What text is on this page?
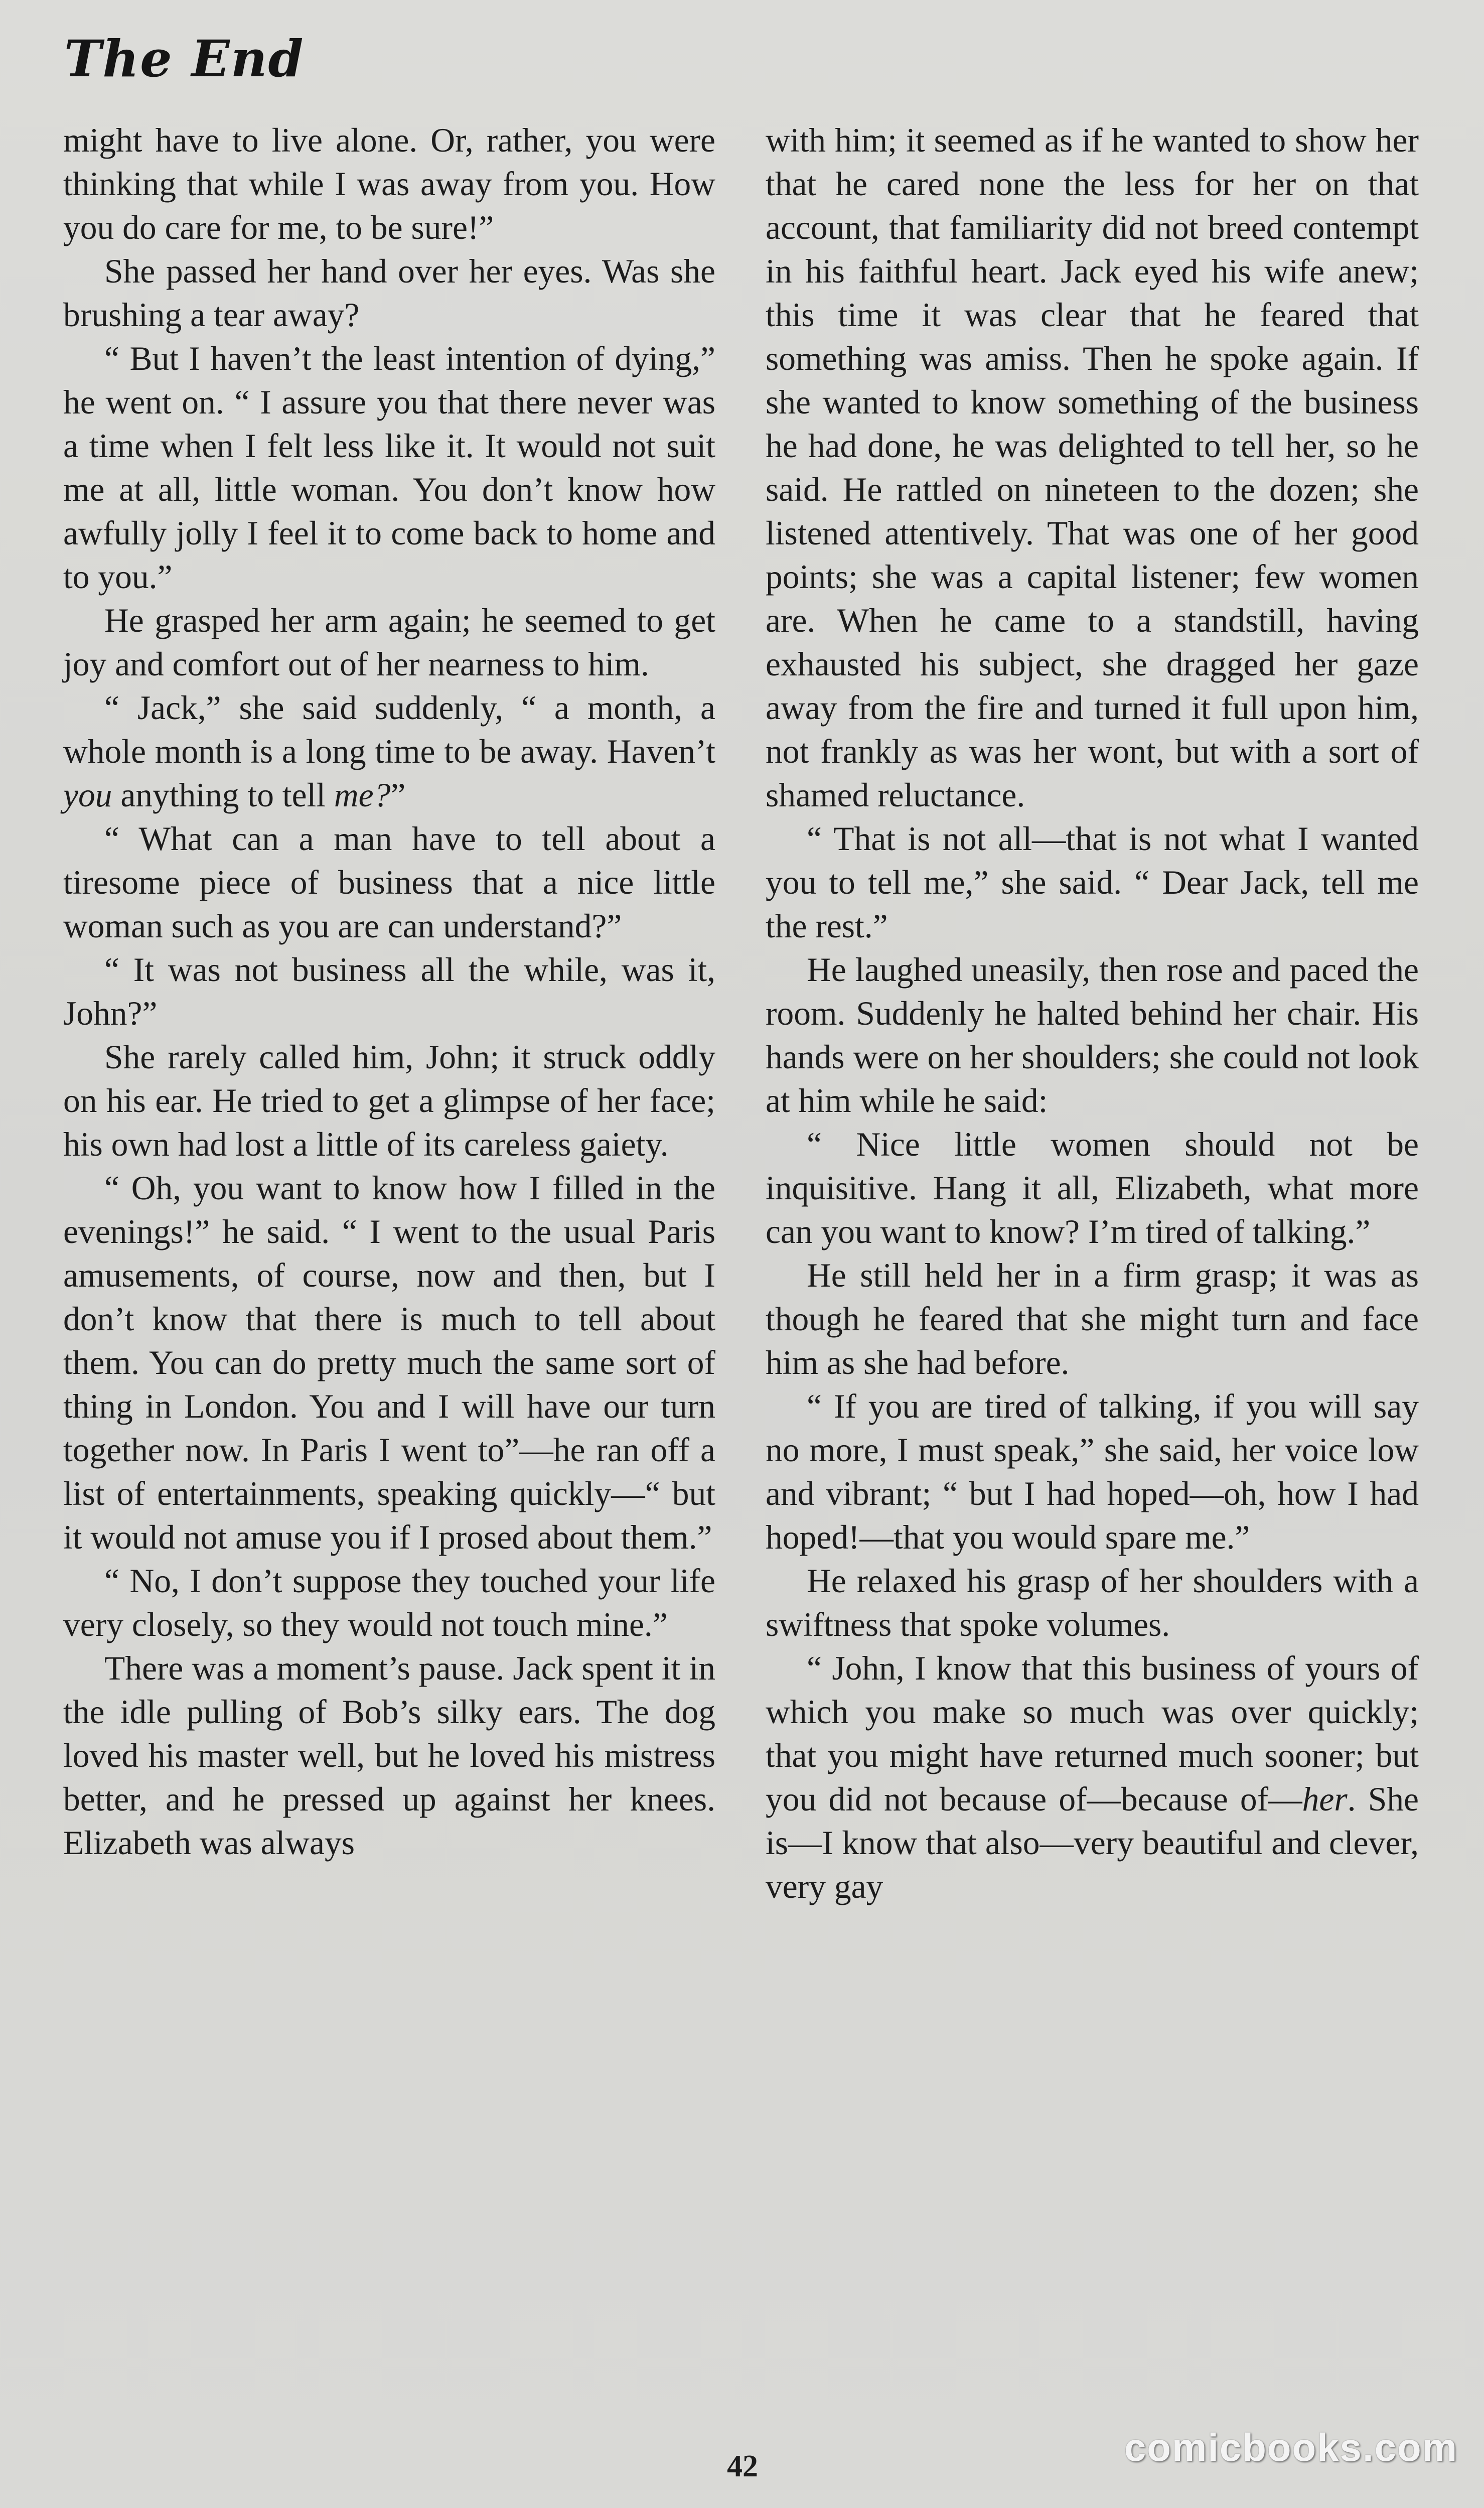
The End

might have to live alone. Or, rather, you were thinking that while I was away from you. How you do care for me, to be sure!”

She passed her hand over her eyes. Was she brushing a tear away?

“ But I haven’t the least intention of dying,” he went on. “ I assure you that there never was a time when I felt less like it. It would not suit me at all, little woman. You don’t know how awfully jolly I feel it to come back to home and to you.”

He grasped her arm again; he seemed to get joy and comfort out of her nearness to him.

“ Jack,” she said suddenly, “ a month, a whole month is a long time to be away. Haven’t you anything to tell me?”

“ What can a man have to tell about a tiresome piece of business that a nice little woman such as you are can understand?”

“ It was not business all the while, was it, John?”

She rarely called him, John; it struck oddly on his ear. He tried to get a glimpse of her face; his own had lost a little of its careless gaiety.

“ Oh, you want to know how I filled in the evenings!” he said. “ I went to the usual Paris amusements, of course, now and then, but I don’t know that there is much to tell about them. You can do pretty much the same sort of thing in London. You and I will have our turn together now. In Paris I went to”—he ran off a list of entertainments, speaking quickly—“ but it would not amuse you if I prosed about them.”

“ No, I don’t suppose they touched your life very closely, so they would not touch mine.”

There was a moment’s pause. Jack spent it in the idle pulling of Bob’s silky ears. The dog loved his master well, but he loved his mistress better, and he pressed up against her knees. Elizabeth was always

with him; it seemed as if he wanted to show her that he cared none the less for her on that account, that familiarity did not breed contempt in his faithful heart. Jack eyed his wife anew; this time it was clear that he feared that something was amiss. Then he spoke again. If she wanted to know something of the business he had done, he was delighted to tell her, so he said. He rattled on nineteen to the dozen; she listened attentively. That was one of her good points; she was a capital listener; few women are. When he came to a standstill, having exhausted his subject, she dragged her gaze away from the fire and turned it full upon him, not frankly as was her wont, but with a sort of shamed reluctance.

“ That is not all—that is not what I wanted you to tell me,” she said. “ Dear Jack, tell me the rest.”

He laughed uneasily, then rose and paced the room. Suddenly he halted behind her chair. His hands were on her shoulders; she could not look at him while he said:

“ Nice little women should not be inquisitive. Hang it all, Elizabeth, what more can you want to know? I’m tired of talking.”

He still held her in a firm grasp; it was as though he feared that she might turn and face him as she had before.

“ If you are tired of talking, if you will say no more, I must speak,” she said, her voice low and vibrant; “ but I had hoped—oh, how I had hoped!—that you would spare me.”

He relaxed his grasp of her shoulders with a swiftness that spoke volumes.

“ John, I know that this business of yours of which you make so much was over quickly; that you might have returned much sooner; but you did not because of—because of—her. She is—I know that also—very beautiful and clever, very gay

42	comicbooks.com
